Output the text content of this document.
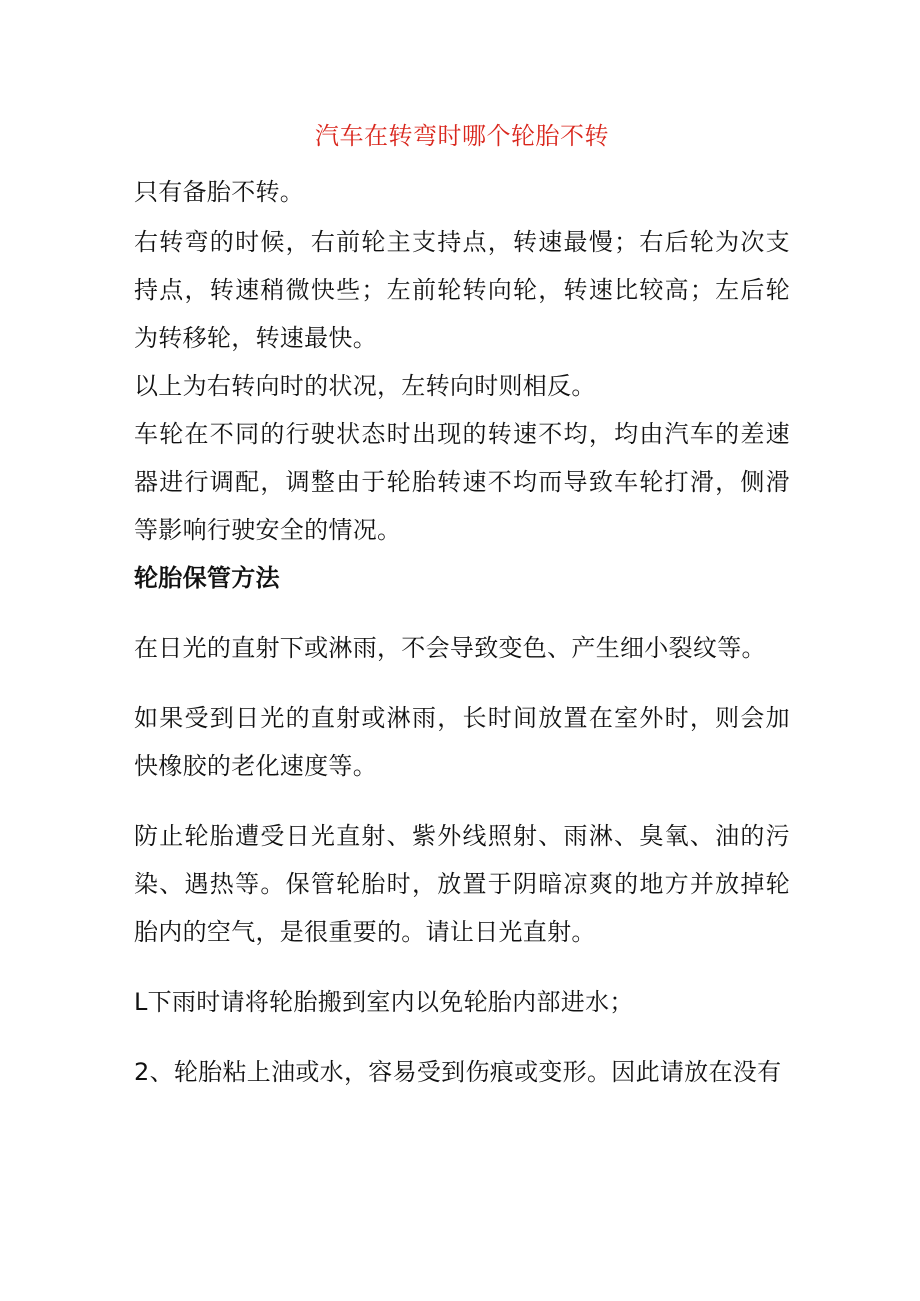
汽车在转弯时哪个轮胎不转

只有备胎不转。

右转弯的时候，右前轮主支持点，转速最慢；右后轮为次支持点，转速稍微快些；左前轮转向轮，转速比较高；左后轮为转移轮，转速最快。

以上为右转向时的状况，左转向时则相反。

车轮在不同的行驶状态时出现的转速不均，均由汽车的差速器进行调配，调整由于轮胎转速不均而导致车轮打滑，侧滑等影响行驶安全的情况。

轮胎保管方法

在日光的直射下或淋雨，不会导致变色、产生细小裂纹等。

如果受到日光的直射或淋雨，长时间放置在室外时，则会加快橡胶的老化速度等。

防止轮胎遭受日光直射、紫外线照射、雨淋、臭氧、油的污染、遇热等。保管轮胎时，放置于阴暗凉爽的地方并放掉轮胎内的空气，是很重要的。请让日光直射。

L下雨时请将轮胎搬到室内以免轮胎内部进水；

2、轮胎粘上油或水，容易受到伤痕或变形。因此请放在没有
